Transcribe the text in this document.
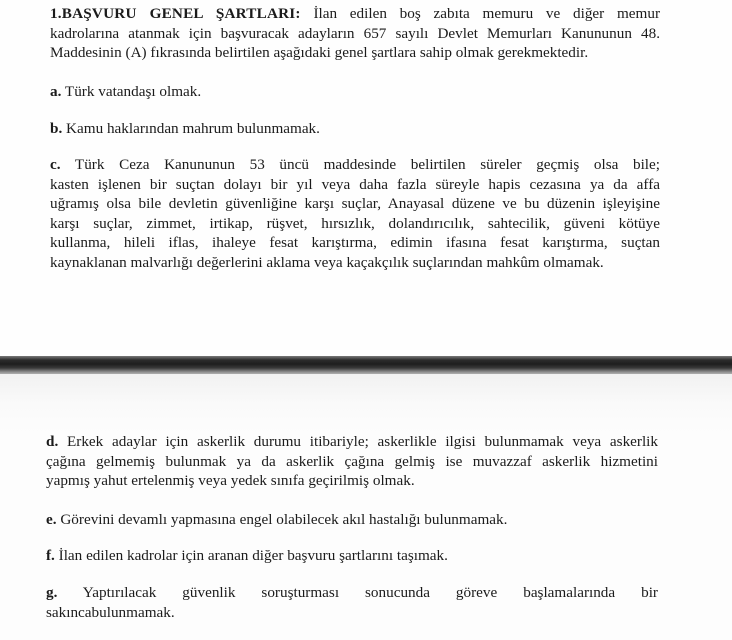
1.BAŞVURU GENEL ŞARTLARI: İlan edilen boş zabıta memuru ve diğer memur
kadrolarına atanmak için başvuracak adayların 657 sayılı Devlet Memurları Kanununun 48.
Maddesinin (A) fıkrasında belirtilen aşağıdaki genel şartlara sahip olmak gerekmektedir.
a. Türk vatandaşı olmak.
b. Kamu haklarından mahrum bulunmamak.
c. Türk Ceza Kanununun 53 üncü maddesinde belirtilen süreler geçmiş olsa bile;
kasten işlenen bir suçtan dolayı bir yıl veya daha fazla süreyle hapis cezasına ya da affa
uğramış olsa bile devletin güvenliğine karşı suçlar, Anayasal düzene ve bu düzenin işleyişine
karşı suçlar, zimmet, irtikap, rüşvet, hırsızlık, dolandırıcılık, sahtecilik, güveni kötüye
kullanma, hileli iflas, ihaleye fesat karıştırma, edimin ifasına fesat karıştırma, suçtan
kaynaklanan malvarlığı değerlerini aklama veya kaçakçılık suçlarından mahkûm olmamak.
d. Erkek adaylar için askerlik durumu itibariyle; askerlikle ilgisi bulunmamak veya askerlik
çağına gelmemiş bulunmak ya da askerlik çağına gelmiş ise muvazzaf askerlik hizmetini
yapmış yahut ertelenmiş veya yedek sınıfa geçirilmiş olmak.
e. Görevini devamlı yapmasına engel olabilecek akıl hastalığı bulunmamak.
f. İlan edilen kadrolar için aranan diğer başvuru şartlarını taşımak.
g. Yaptırılacak güvenlik soruşturması sonucunda göreve başlamalarında bir
sakıncabulunmamak.
